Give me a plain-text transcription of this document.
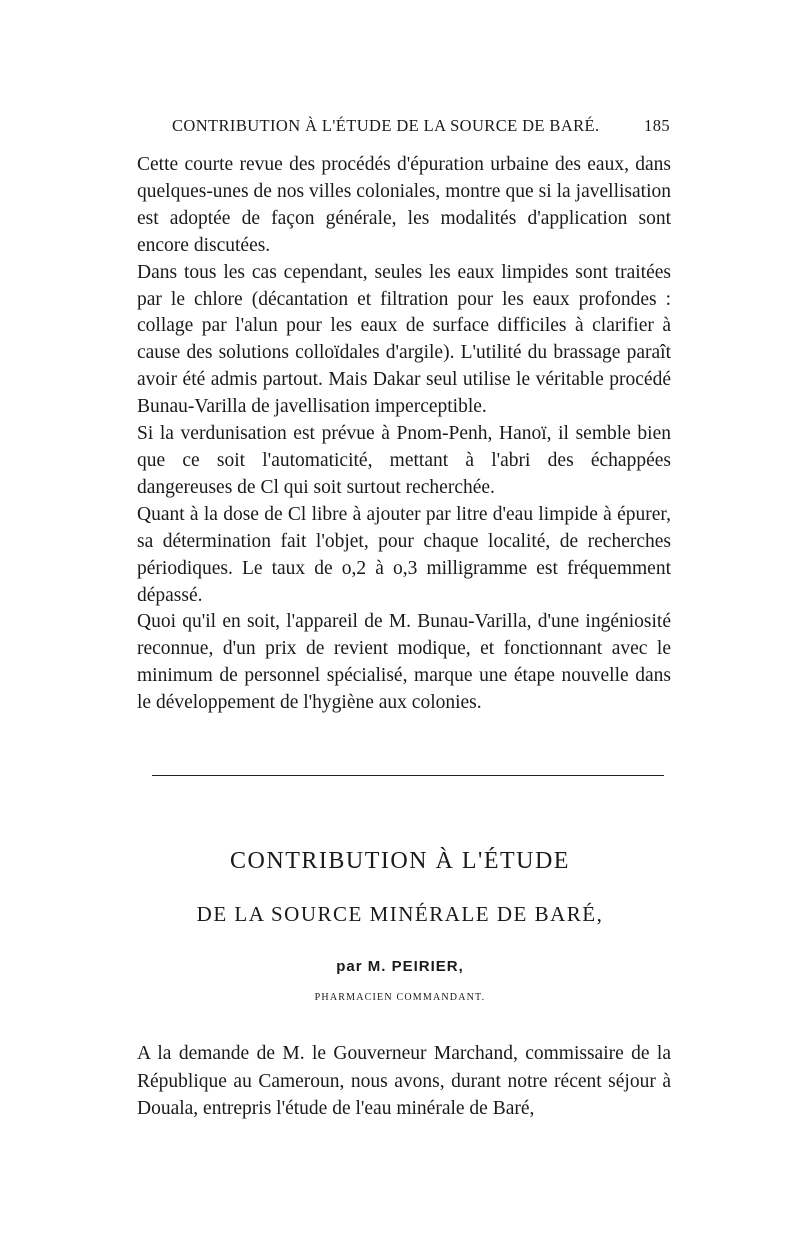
CONTRIBUTION À L'ÉTUDE DE LA SOURCE DE BARÉ.	185

Cette courte revue des procédés d'épuration urbaine des eaux, dans quelques-unes de nos villes coloniales, montre que si la javellisation est adoptée de façon générale, les modalités d'application sont encore discutées.

Dans tous les cas cependant, seules les eaux limpides sont traitées par le chlore (décantation et filtration pour les eaux profondes : collage par l'alun pour les eaux de surface difficiles à clarifier à cause des solutions colloïdales d'argile). L'utilité du brassage paraît avoir été admis partout. Mais Dakar seul utilise le véritable procédé Bunau-Varilla de javellisation imperceptible.

Si la verdunisation est prévue à Pnom-Penh, Hanoï, il semble bien que ce soit l'automaticité, mettant à l'abri des échappées dangereuses de Cl qui soit surtout recherchée.

Quant à la dose de Cl libre à ajouter par litre d'eau limpide à épurer, sa détermination fait l'objet, pour chaque localité, de recherches périodiques. Le taux de o,2 à o,3 milligramme est fréquemment dépassé.

Quoi qu'il en soit, l'appareil de M. Bunau-Varilla, d'une ingéniosité reconnue, d'un prix de revient modique, et fonctionnant avec le minimum de personnel spécialisé, marque une étape nouvelle dans le développement de l'hygiène aux colonies.

CONTRIBUTION À L'ÉTUDE
DE LA SOURCE MINÉRALE DE BARÉ,
par M. PEIRIER,
PHARMACIEN COMMANDANT.

A la demande de M. le Gouverneur Marchand, commissaire de la République au Cameroun, nous avons, durant notre récent séjour à Douala, entrepris l'étude de l'eau minérale de Baré,
